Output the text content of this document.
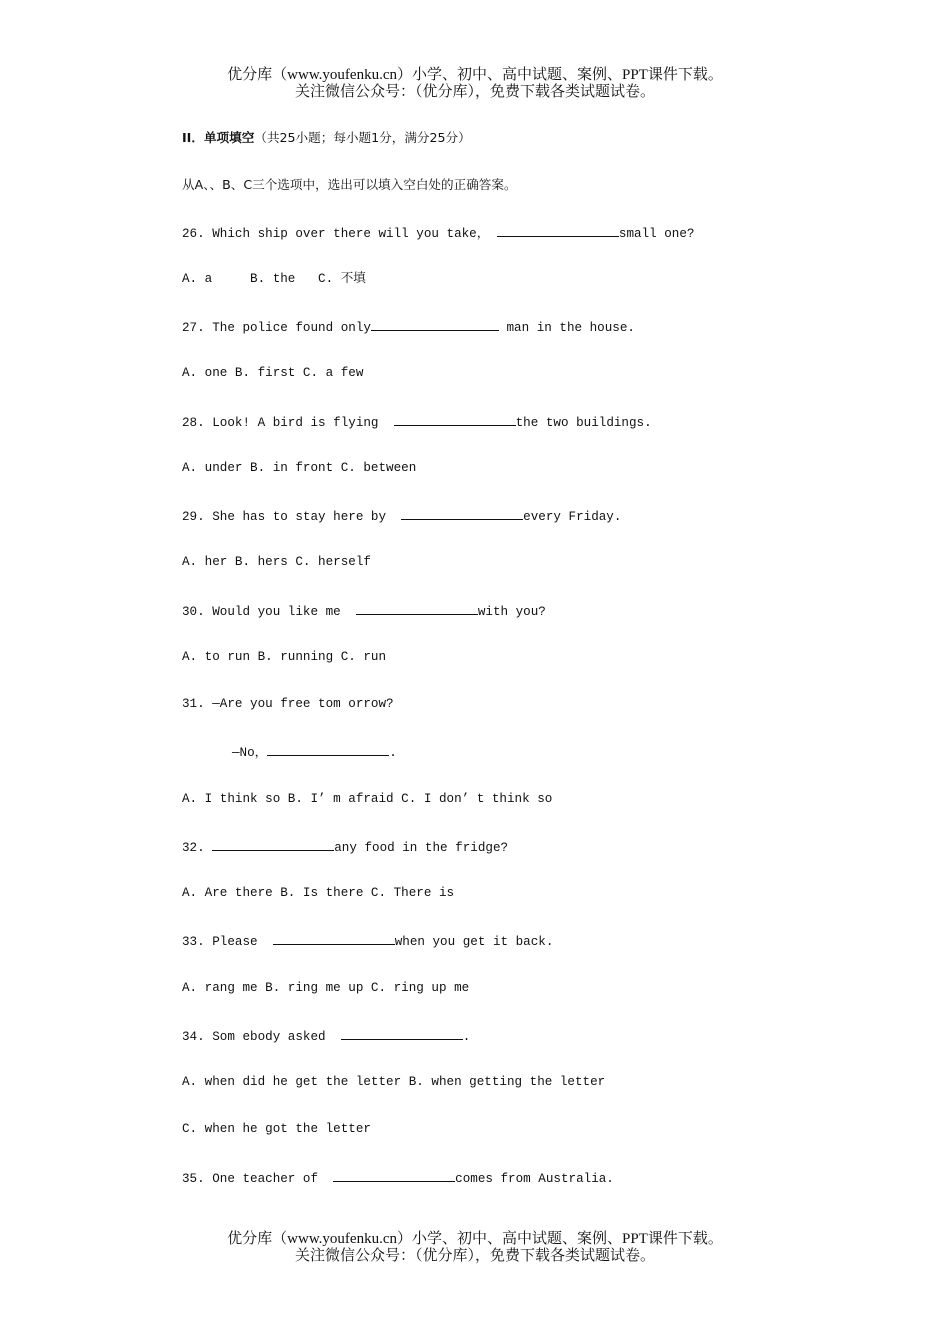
优分库（www.youfenku.cn）小学、初中、高中试题、案例、PPT课件下载。
关注微信公众号：（优分库），免费下载各类试题试卷。
II．单项填空（共25小题；每小题1分，满分25分）
从A、、B、C三个选项中，选出可以填入空白处的正确答案。
26. Which ship over there will you take，	small one?
A. a     B. the   C. 不填
27. The police found only	man in the house.
A. one B. first C. a few
28. Look! A bird is flying	the two buildings.
A. under B. in front C. between
29. She has to stay here by	every Friday.
A. her B. hers C. herself
30. Would you like me	with you?
A. to run B. running C. run
31. —Are you free tom orrow?
—No，	.
A. I think so B. I’ m afraid C. I don’ t think so
32.	any food in the fridge?
A. Are there B. Is there C. There is
33. Please	when you get it back.
A. rang me B. ring me up C. ring up me
34. Som ebody asked	.
A. when did he get the letter B. when getting the letter
C. when he got the letter
35. One teacher of	comes from Australia.
优分库（www.youfenku.cn）小学、初中、高中试题、案例、PPT课件下载。
关注微信公众号：（优分库），免费下载各类试题试卷。
